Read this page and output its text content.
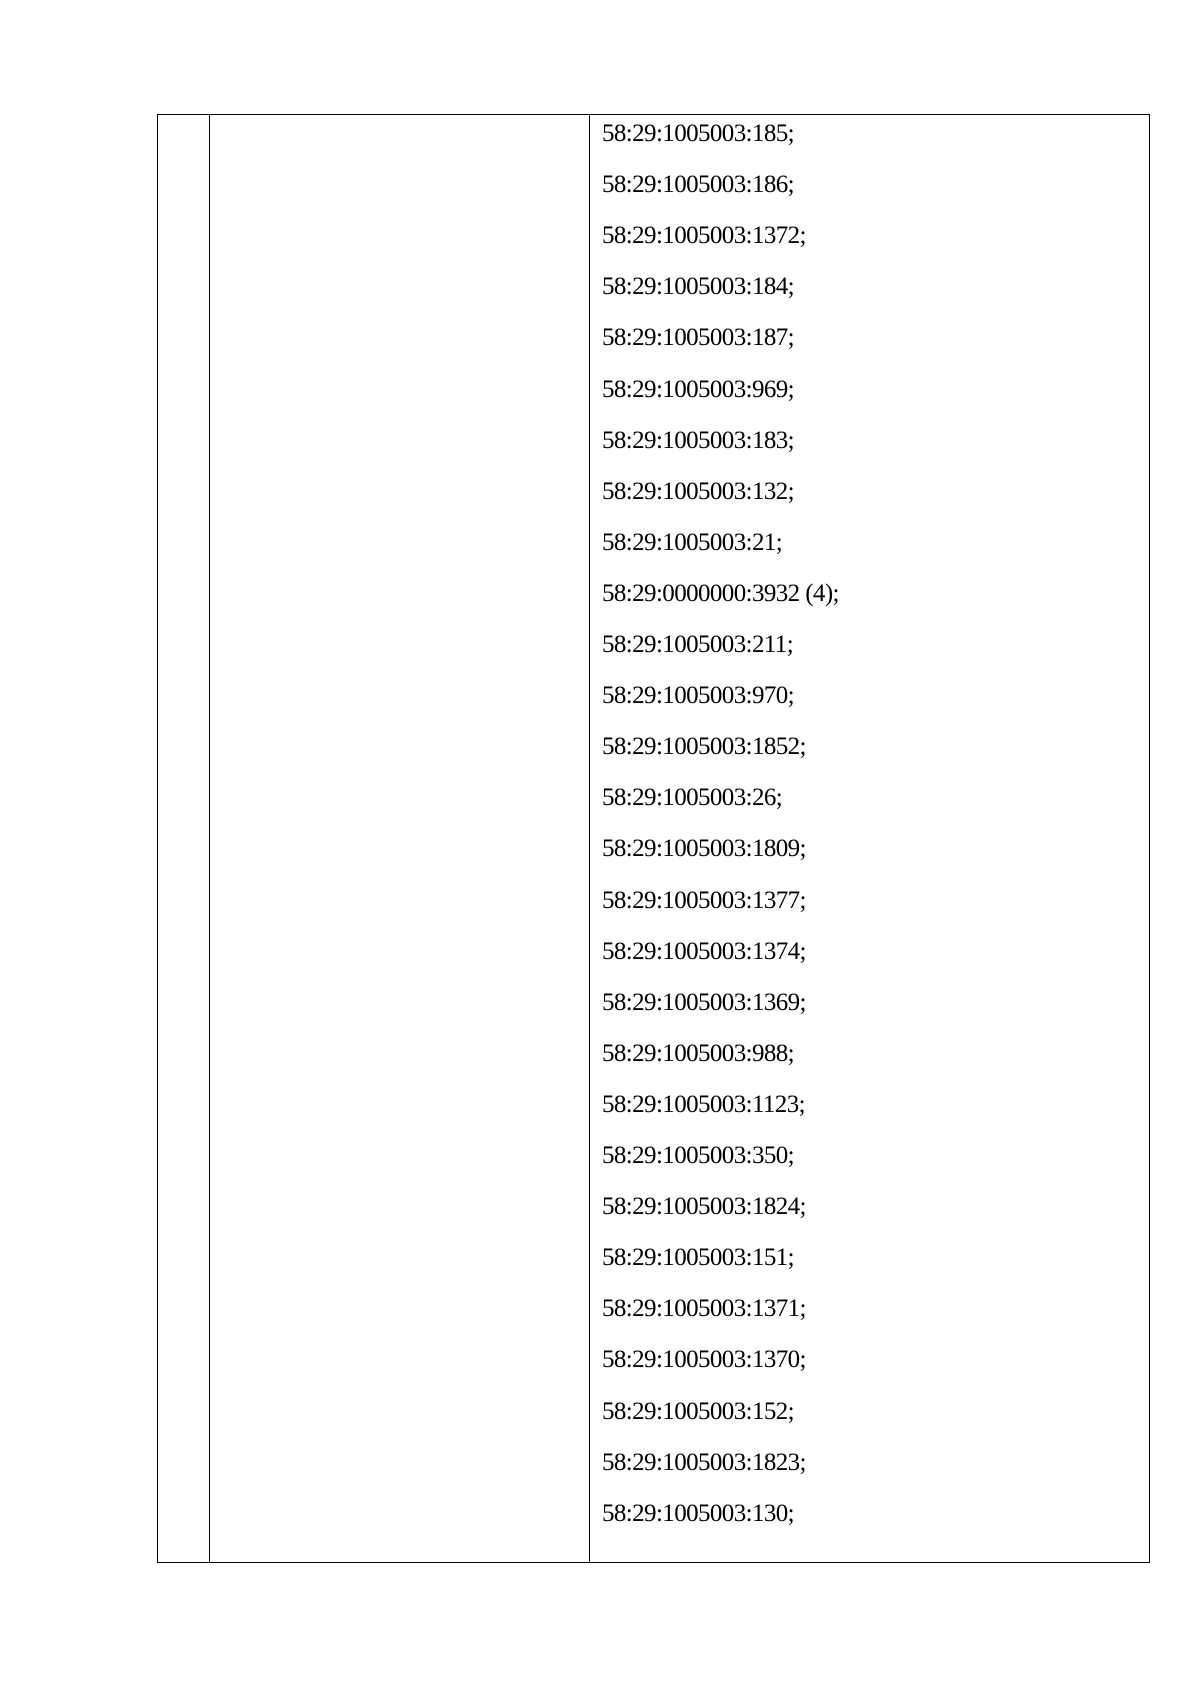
58:29:1005003:185;
58:29:1005003:186;
58:29:1005003:1372;
58:29:1005003:184;
58:29:1005003:187;
58:29:1005003:969;
58:29:1005003:183;
58:29:1005003:132;
58:29:1005003:21;
58:29:0000000:3932 (4);
58:29:1005003:211;
58:29:1005003:970;
58:29:1005003:1852;
58:29:1005003:26;
58:29:1005003:1809;
58:29:1005003:1377;
58:29:1005003:1374;
58:29:1005003:1369;
58:29:1005003:988;
58:29:1005003:1123;
58:29:1005003:350;
58:29:1005003:1824;
58:29:1005003:151;
58:29:1005003:1371;
58:29:1005003:1370;
58:29:1005003:152;
58:29:1005003:1823;
58:29:1005003:130;
